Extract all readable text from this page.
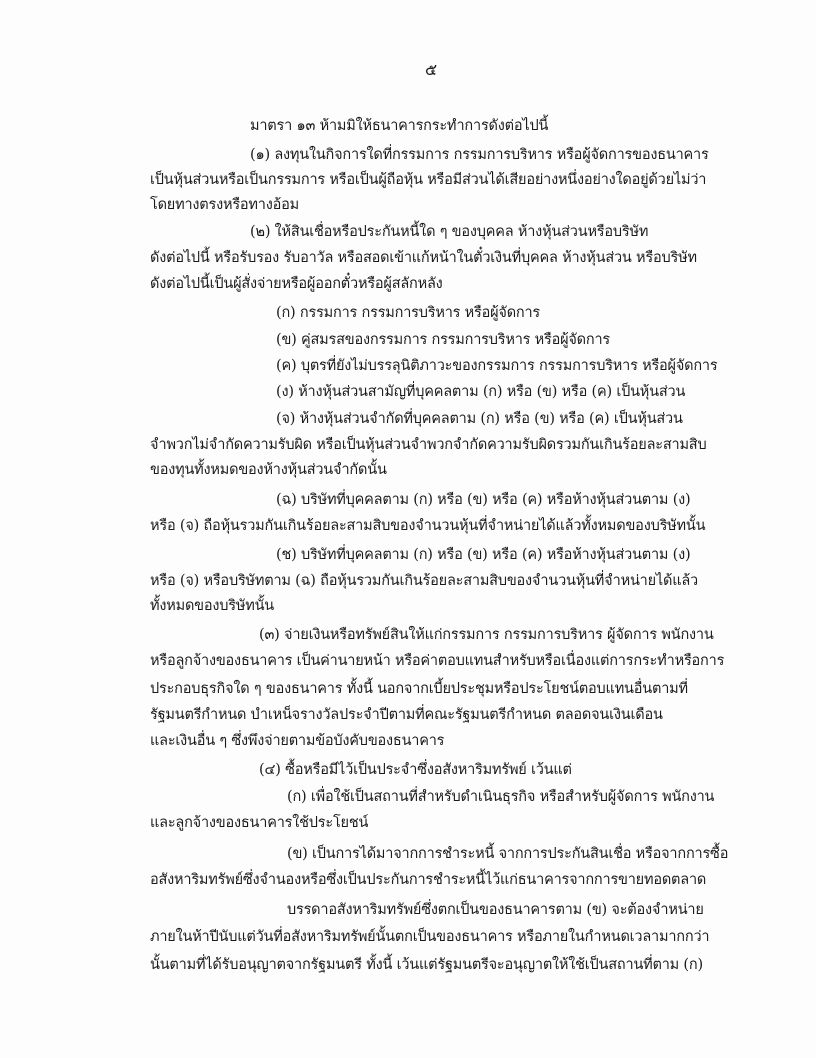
๕
มาตรา ๑๓ ห้ามมิให้ธนาคารกระทำการดังต่อไปนี้
(๑) ลงทุนในกิจการใดที่กรรมการ กรรมการบริหาร หรือผู้จัดการของธนาคาร
เป็นหุ้นส่วนหรือเป็นกรรมการ หรือเป็นผู้ถือหุ้น หรือมีส่วนได้เสียอย่างหนึ่งอย่างใดอยู่ด้วยไม่ว่า
โดยทางตรงหรือทางอ้อม
(๒) ให้สินเชื่อหรือประกันหนี้ใด ๆ ของบุคคล ห้างหุ้นส่วนหรือบริษัท
ดังต่อไปนี้ หรือรับรอง รับอาวัล หรือสอดเข้าแก้หน้าในตั๋วเงินที่บุคคล ห้างหุ้นส่วน หรือบริษัท
ดังต่อไปนี้เป็นผู้สั่งจ่ายหรือผู้ออกตั๋วหรือผู้สลักหลัง
(ก) กรรมการ กรรมการบริหาร หรือผู้จัดการ
(ข) คู่สมรสของกรรมการ กรรมการบริหาร หรือผู้จัดการ
(ค) บุตรที่ยังไม่บรรลุนิติภาวะของกรรมการ กรรมการบริหาร หรือผู้จัดการ
(ง) ห้างหุ้นส่วนสามัญที่บุคคลตาม (ก) หรือ (ข) หรือ (ค) เป็นหุ้นส่วน
(จ) ห้างหุ้นส่วนจำกัดที่บุคคลตาม (ก) หรือ (ข) หรือ (ค) เป็นหุ้นส่วน
จำพวกไม่จำกัดความรับผิด หรือเป็นหุ้นส่วนจำพวกจำกัดความรับผิดรวมกันเกินร้อยละสามสิบ
ของทุนทั้งหมดของห้างหุ้นส่วนจำกัดนั้น
(ฉ) บริษัทที่บุคคลตาม (ก) หรือ (ข) หรือ (ค) หรือห้างหุ้นส่วนตาม (ง)
หรือ (จ) ถือหุ้นรวมกันเกินร้อยละสามสิบของจำนวนหุ้นที่จำหน่ายได้แล้วทั้งหมดของบริษัทนั้น
(ช) บริษัทที่บุคคลตาม (ก) หรือ (ข) หรือ (ค) หรือห้างหุ้นส่วนตาม (ง)
หรือ (จ) หรือบริษัทตาม (ฉ) ถือหุ้นรวมกันเกินร้อยละสามสิบของจำนวนหุ้นที่จำหน่ายได้แล้ว
ทั้งหมดของบริษัทนั้น
(๓) จ่ายเงินหรือทรัพย์สินให้แก่กรรมการ กรรมการบริหาร ผู้จัดการ พนักงาน
หรือลูกจ้างของธนาคาร เป็นค่านายหน้า หรือค่าตอบแทนสำหรับหรือเนื่องแต่การกระทำหรือการ
ประกอบธุรกิจใด ๆ ของธนาคาร ทั้งนี้ นอกจากเบี้ยประชุมหรือประโยชน์ตอบแทนอื่นตามที่
รัฐมนตรีกำหนด บำเหน็จรางวัลประจำปีตามที่คณะรัฐมนตรีกำหนด ตลอดจนเงินเดือน
และเงินอื่น ๆ ซึ่งพึงจ่ายตามข้อบังคับของธนาคาร
(๔) ซื้อหรือมีไว้เป็นประจำซึ่งอสังหาริมทรัพย์ เว้นแต่
(ก) เพื่อใช้เป็นสถานที่สำหรับดำเนินธุรกิจ หรือสำหรับผู้จัดการ พนักงาน
และลูกจ้างของธนาคารใช้ประโยชน์
(ข) เป็นการได้มาจากการชำระหนี้ จากการประกันสินเชื่อ หรือจากการซื้อ
อสังหาริมทรัพย์ซึ่งจำนองหรือซึ่งเป็นประกันการชำระหนี้ไว้แก่ธนาคารจากการขายทอดตลาด
บรรดาอสังหาริมทรัพย์ซึ่งตกเป็นของธนาคารตาม (ข) จะต้องจำหน่าย
ภายในห้าปีนับแต่วันที่อสังหาริมทรัพย์นั้นตกเป็นของธนาคาร หรือภายในกำหนดเวลามากกว่า
นั้นตามที่ได้รับอนุญาตจากรัฐมนตรี ทั้งนี้ เว้นแต่รัฐมนตรีจะอนุญาตให้ใช้เป็นสถานที่ตาม (ก)
